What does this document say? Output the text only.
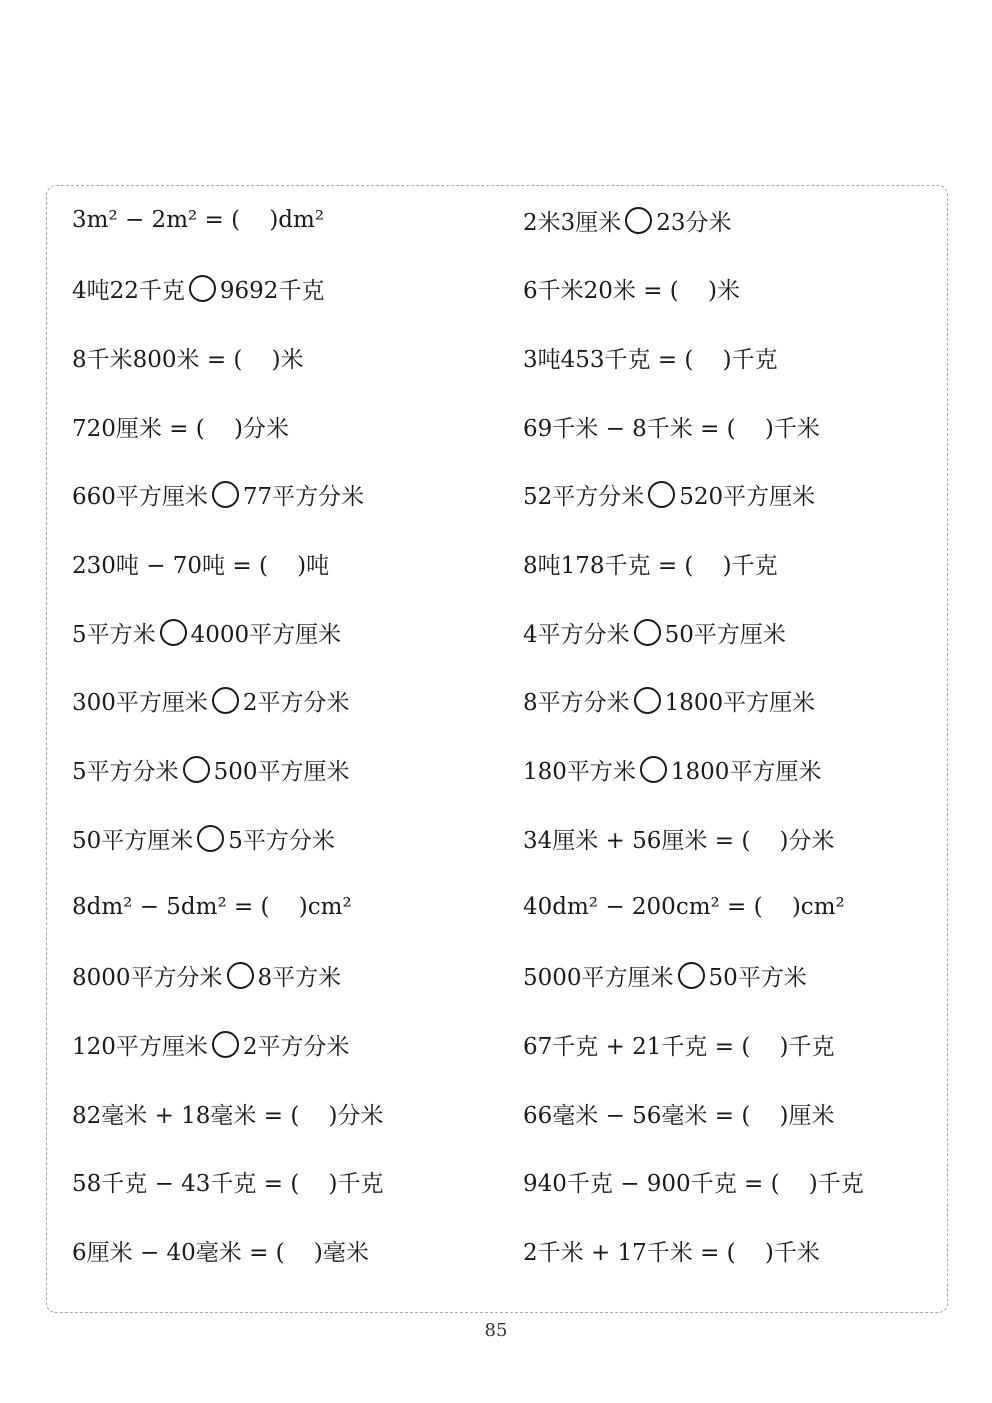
3m² − 2m² = (    )dm²	2米3厘米 23分米
4吨22千克 9692千克	6千米20米 = (    )米
8千米800米 = (    )米	3吨453千克 = (    )千克
720厘米 = (    )分米	69千米 − 8千米 = (    )千米
660平方厘米 77平方分米	52平方分米 520平方厘米
230吨 − 70吨 = (    )吨	8吨178千克 = (    )千克
5平方米 4000平方厘米	4平方分米 50平方厘米
300平方厘米 2平方分米	8平方分米 1800平方厘米
5平方分米 500平方厘米	180平方米 1800平方厘米
50平方厘米 5平方分米	34厘米 + 56厘米 = (    )分米
8dm² − 5dm² = (    )cm²	40dm² − 200cm² = (    )cm²
8000平方分米 8平方米	5000平方厘米 50平方米
120平方厘米 2平方分米	67千克 + 21千克 = (    )千克
82毫米 + 18毫米 = (    )分米	66毫米 − 56毫米 = (    )厘米
58千克 − 43千克 = (    )千克	940千克 − 900千克 = (    )千克
6厘米 − 40毫米 = (    )毫米	2千米 + 17千米 = (    )千米
85
